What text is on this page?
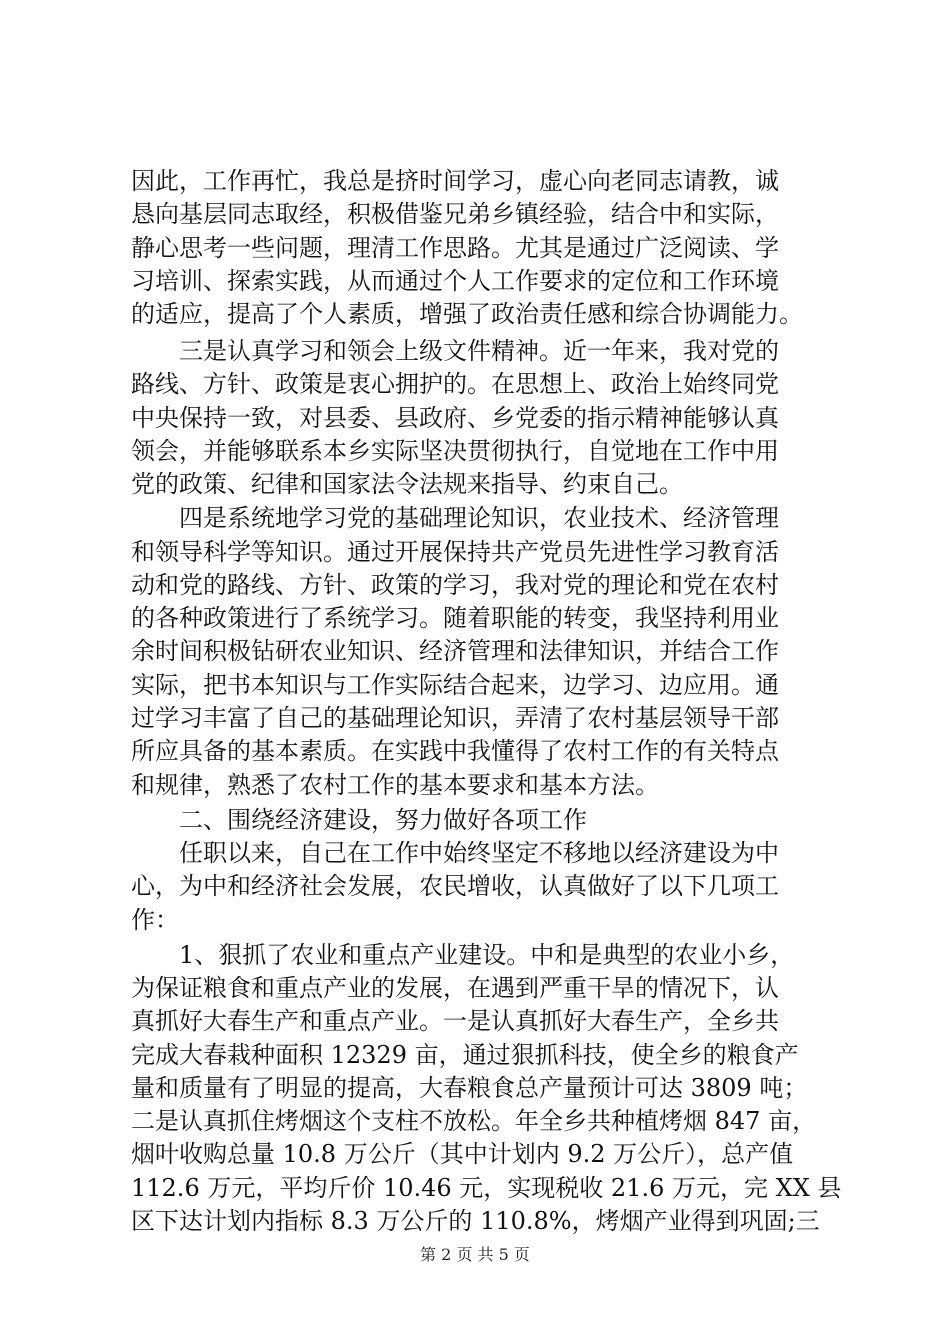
因此，工作再忙，我总是挤时间学习，虚心向老同志请教，诚
恳向基层同志取经，积极借鉴兄弟乡镇经验，结合中和实际，
静心思考一些问题，理清工作思路。尤其是通过广泛阅读、学
习培训、探索实践，从而通过个人工作要求的定位和工作环境
的适应，提高了个人素质，增强了政治责任感和综合协调能力。
　　三是认真学习和领会上级文件精神。近一年来，我对党的
路线、方针、政策是衷心拥护的。在思想上、政治上始终同党
中央保持一致，对县委、县政府、乡党委的指示精神能够认真
领会，并能够联系本乡实际坚决贯彻执行，自觉地在工作中用
党的政策、纪律和国家法令法规来指导、约束自己。
　　四是系统地学习党的基础理论知识，农业技术、经济管理
和领导科学等知识。通过开展保持共产党员先进性学习教育活
动和党的路线、方针、政策的学习，我对党的理论和党在农村
的各种政策进行了系统学习。随着职能的转变，我坚持利用业
余时间积极钻研农业知识、经济管理和法律知识，并结合工作
实际，把书本知识与工作实际结合起来，边学习、边应用。通
过学习丰富了自己的基础理论知识，弄清了农村基层领导干部
所应具备的基本素质。在实践中我懂得了农村工作的有关特点
和规律，熟悉了农村工作的基本要求和基本方法。
　　二、围绕经济建设，努力做好各项工作
　　任职以来，自己在工作中始终坚定不移地以经济建设为中
心，为中和经济社会发展，农民增收，认真做好了以下几项工
作：
　　1、狠抓了农业和重点产业建设。中和是典型的农业小乡，
为保证粮食和重点产业的发展，在遇到严重干旱的情况下，认
真抓好大春生产和重点产业。一是认真抓好大春生产，全乡共
完成大春栽种面积 12329 亩，通过狠抓科技，使全乡的粮食产
量和质量有了明显的提高，大春粮食总产量预计可达 3809 吨；
二是认真抓住烤烟这个支柱不放松。年全乡共种植烤烟 847 亩，
烟叶收购总量 10.8 万公斤（其中计划内 9.2 万公斤），总产值
112.6 万元，平均斤价 10.46 元，实现税收 21.6 万元，完 XX 县
区下达计划内指标 8.3 万公斤的 110.8%，烤烟产业得到巩固;三
第 2 页 共 5 页
